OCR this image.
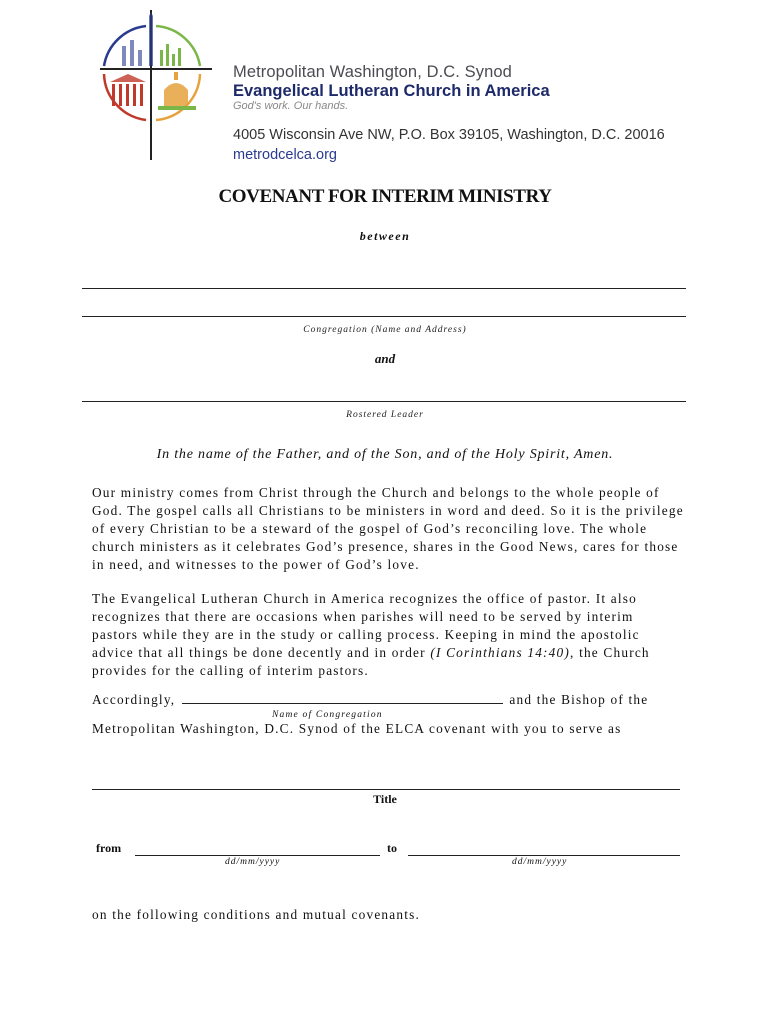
Metropolitan Washington, D.C. Synod
Evangelical Lutheran Church in America
God's work. Our hands.
4005 Wisconsin Ave NW, P.O. Box 39105, Washington, D.C. 20016
metrodcelca.org
COVENANT FOR INTERIM MINISTRY
between
Congregation (Name and Address)
and
Rostered Leader
In the name of the Father, and of the Son, and of the Holy Spirit, Amen.
Our ministry comes from Christ through the Church and belongs to the whole people of God. The gospel calls all Christians to be ministers in word and deed. So it is the privilege of every Christian to be a steward of the gospel of God’s reconciling love. The whole church ministers as it celebrates God’s presence, shares in the Good News, cares for those in need, and witnesses to the power of God’s love.
The Evangelical Lutheran Church in America recognizes the office of pastor. It also recognizes that there are occasions when parishes will need to be served by interim pastors while they are in the study or calling process. Keeping in mind the apostolic advice that all things be done decently and in order (I Corinthians 14:40), the Church provides for the calling of interim pastors.
Accordingly,	and the Bishop of the
Name of Congregation
Metropolitan Washington, D.C. Synod of the ELCA covenant with you to serve as
Title
from
dd/mm/yyyy
to
dd/mm/yyyy
on the following conditions and mutual covenants.
